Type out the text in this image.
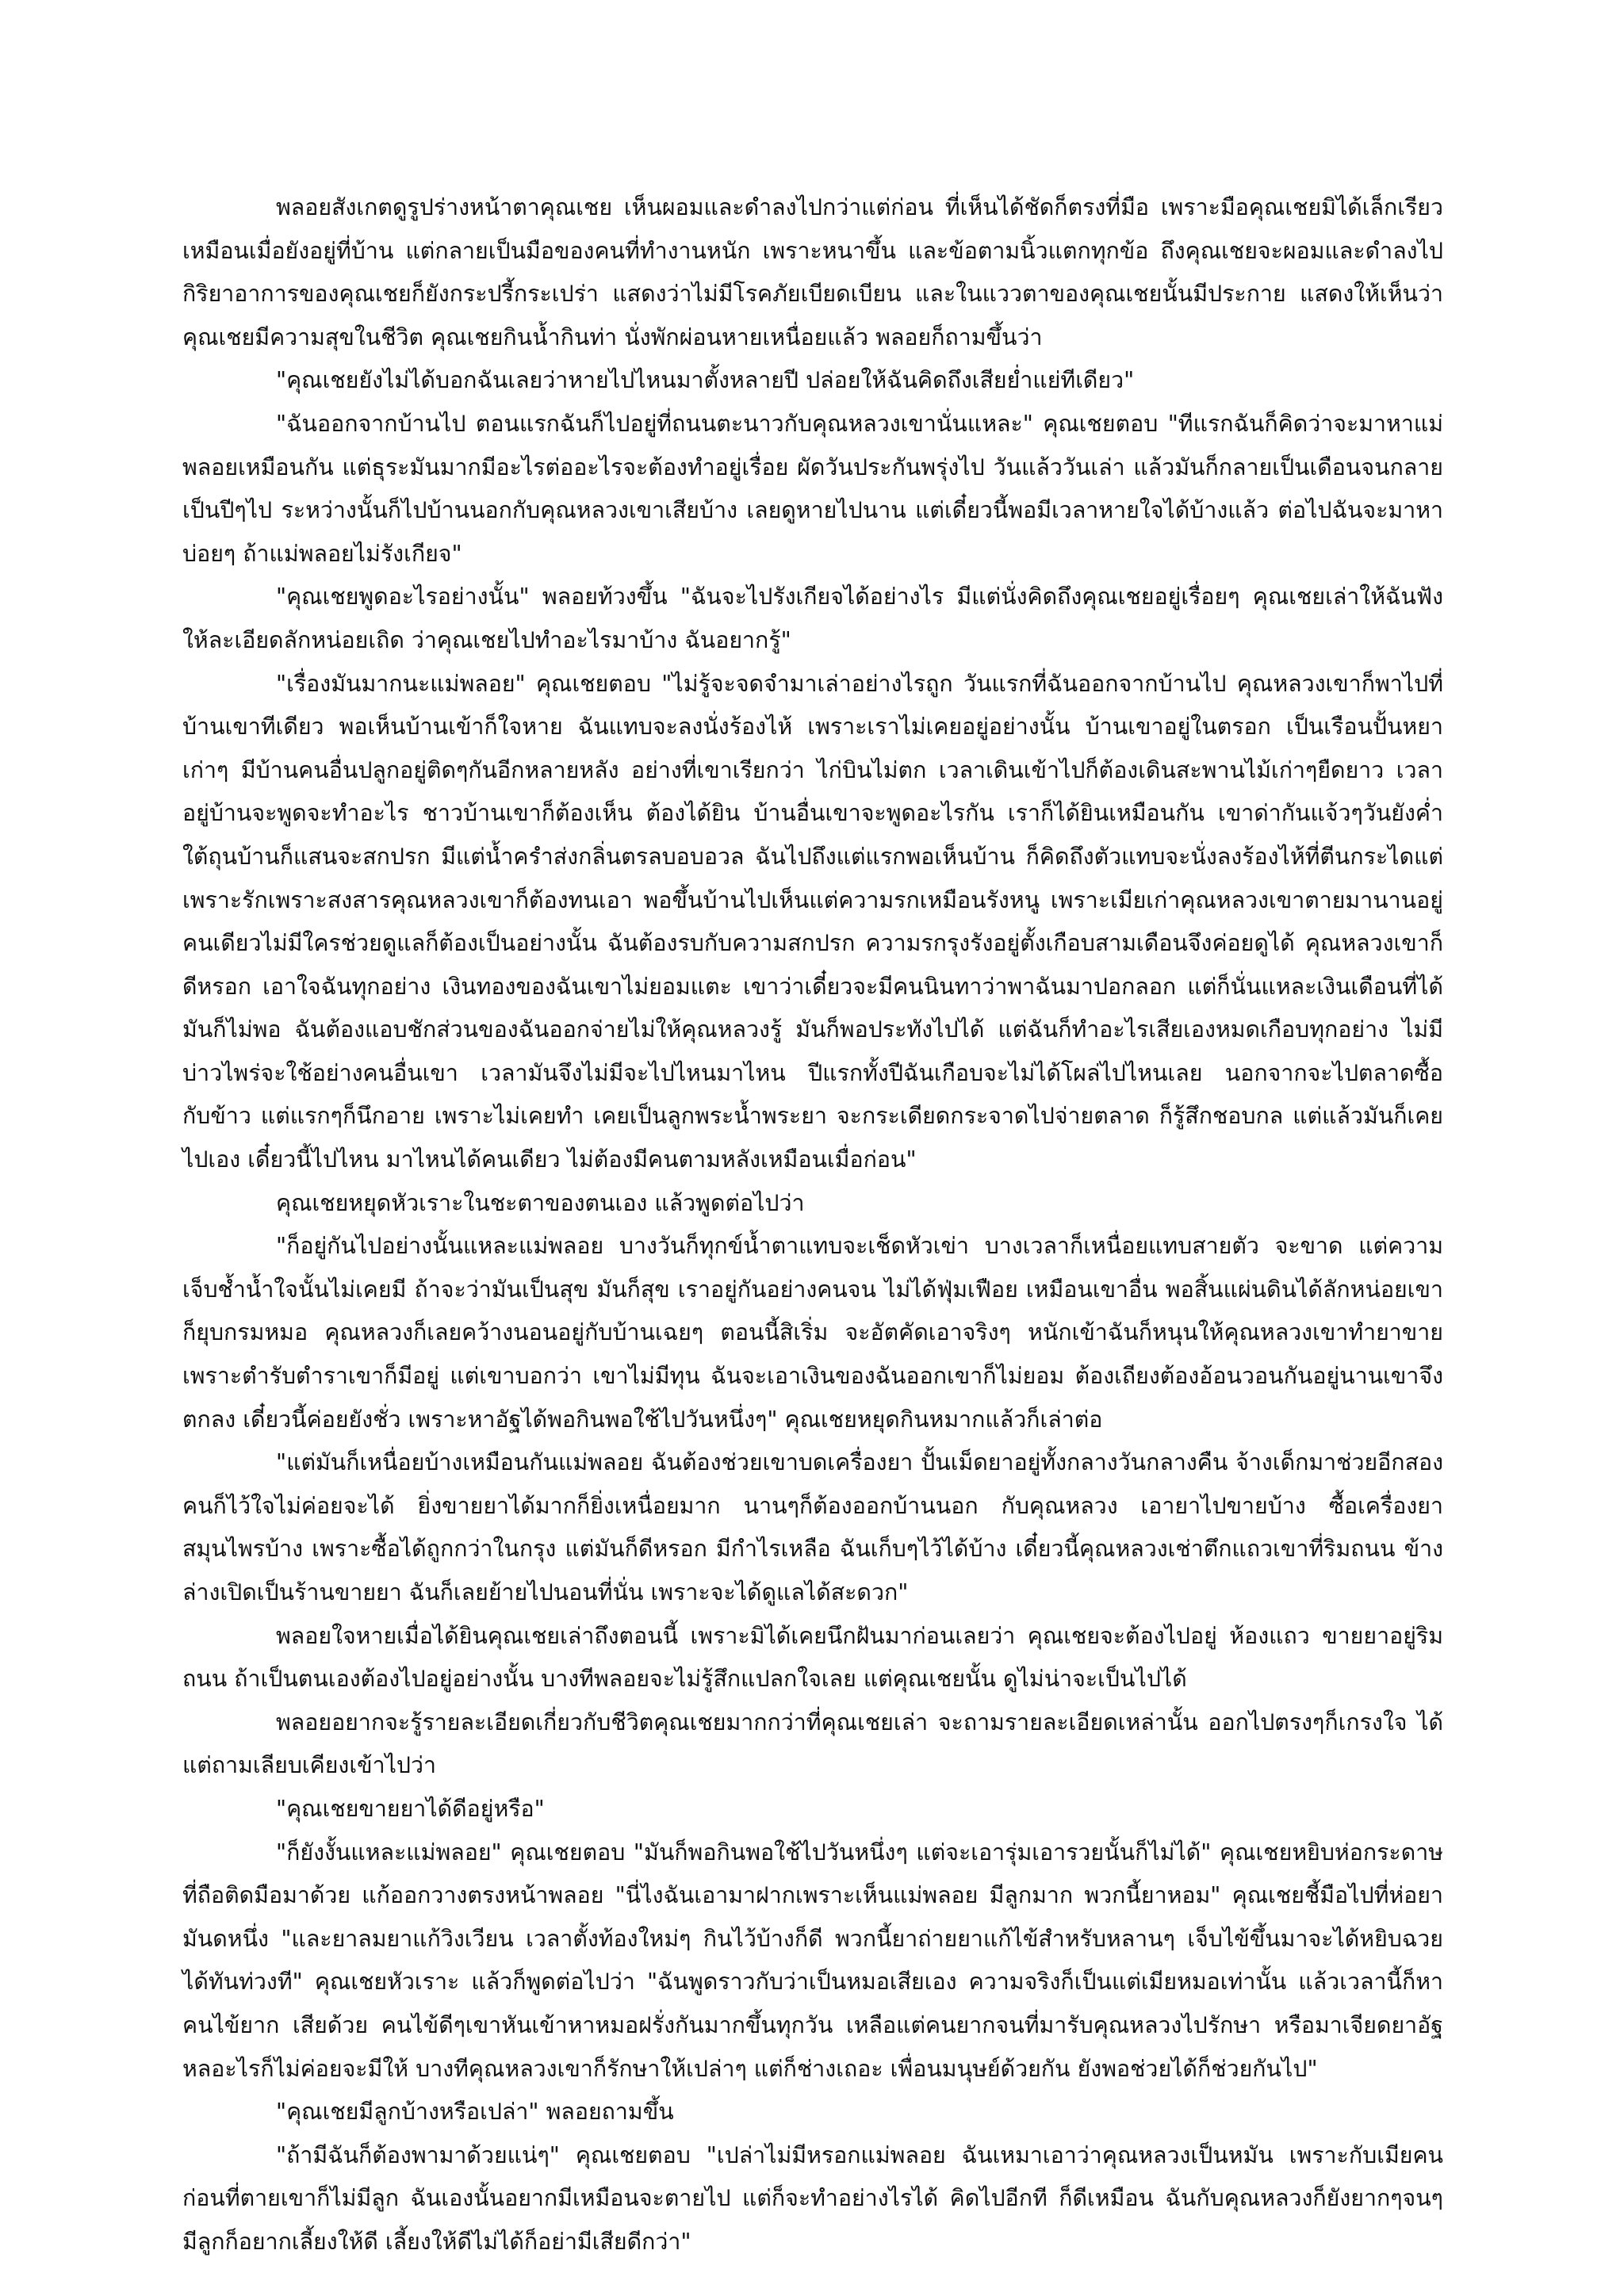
พลอยสังเกตดูรูปร่างหน้าตาคุณเชย เห็นผอมและดำลงไปกว่าแต่ก่อน ที่เห็นได้ชัดก็ตรงที่มือ เพราะมือคุณเชยมิได้เล็กเรียวเหมือนเมื่อยังอยู่ที่บ้าน แต่กลายเป็นมือของคนที่ทำงานหนัก เพราะหนาขึ้น และข้อตามนิ้วแตกทุกข้อ ถึงคุณเชยจะผอมและดำลงไป กิริยาอาการของคุณเชยก็ยังกระปรี้กระเปร่า แสดงว่าไม่มีโรคภัยเบียดเบียน และในแววตาของคุณเชยนั้นมีประกาย แสดงให้เห็นว่าคุณเชยมีความสุขในชีวิต คุณเชยกินน้ำกินท่า นั่งพักผ่อนหายเหนื่อยแล้ว พลอยก็ถามขึ้นว่า

"คุณเชยยังไม่ได้บอกฉันเลยว่าหายไปไหนมาตั้งหลายปี ปล่อยให้ฉันคิดถึงเสียย่ำแย่ทีเดียว"

"ฉันออกจากบ้านไป ตอนแรกฉันก็ไปอยู่ที่ถนนตะนาวกับคุณหลวงเขานั่นแหละ" คุณเชยตอบ "ทีแรกฉันก็คิดว่าจะมาหาแม่พลอยเหมือนกัน แต่ธุระมันมากมีอะไรต่ออะไรจะต้องทำอยู่เรื่อย ผัดวันประกันพรุ่งไป วันแล้ววันเล่า แล้วมันก็กลายเป็นเดือนจนกลายเป็นปีๆไป ระหว่างนั้นก็ไปบ้านนอกกับคุณหลวงเขาเสียบ้าง เลยดูหายไปนาน แต่เดี๋ยวนี้พอมีเวลาหายใจได้บ้างแล้ว ต่อไปฉันจะมาหาบ่อยๆ ถ้าแม่พลอยไม่รังเกียจ"

"คุณเชยพูดอะไรอย่างนั้น" พลอยท้วงขึ้น "ฉันจะไปรังเกียจได้อย่างไร มีแต่นั่งคิดถึงคุณเชยอยู่เรื่อยๆ คุณเชยเล่าให้ฉันฟังให้ละเอียดลักหน่อยเถิด ว่าคุณเชยไปทำอะไรมาบ้าง ฉันอยากรู้"

"เรื่องมันมากนะแม่พลอย" คุณเชยตอบ "ไม่รู้จะจดจำมาเล่าอย่างไรถูก วันแรกที่ฉันออกจากบ้านไป คุณหลวงเขาก็พาไปที่บ้านเขาทีเดียว พอเห็นบ้านเข้าก็ใจหาย ฉันแทบจะลงนั่งร้องไห้ เพราะเราไม่เคยอยู่อย่างนั้น บ้านเขาอยู่ในตรอก เป็นเรือนปั้นหยาเก่าๆ มีบ้านคนอื่นปลูกอยู่ติดๆกันอีกหลายหลัง อย่างที่เขาเรียกว่า ไก่บินไม่ตก เวลาเดินเข้าไปก็ต้องเดินสะพานไม้เก่าๆยืดยาว เวลาอยู่บ้านจะพูดจะทำอะไร ชาวบ้านเขาก็ต้องเห็น ต้องได้ยิน บ้านอื่นเขาจะพูดอะไรกัน เราก็ได้ยินเหมือนกัน เขาด่ากันแจ้วๆวันยังค่ำ ใต้ถุนบ้านก็แสนจะสกปรก มีแต่น้ำครำส่งกลิ่นตรลบอบอวล ฉันไปถึงแต่แรกพอเห็นบ้าน ก็คิดถึงตัวแทบจะนั่งลงร้องไห้ที่ตีนกระไดแต่เพราะรักเพราะสงสารคุณหลวงเขาก็ต้องทนเอา พอขึ้นบ้านไปเห็นแต่ความรกเหมือนรังหนู เพราะเมียเก่าคุณหลวงเขาตายมานานอยู่คนเดียวไม่มีใครช่วยดูแลก็ต้องเป็นอย่างนั้น ฉันต้องรบกับความสกปรก ความรกรุงรังอยู่ตั้งเกือบสามเดือนจึงค่อยดูได้ คุณหลวงเขาก็ดีหรอก เอาใจฉันทุกอย่าง เงินทองของฉันเขาไม่ยอมแตะ เขาว่าเดี๋ยวจะมีคนนินทาว่าพาฉันมาปอกลอก แต่ก็นั่นแหละเงินเดือนที่ได้ มันก็ไม่พอ ฉันต้องแอบชักส่วนของฉันออกจ่ายไม่ให้คุณหลวงรู้ มันก็พอประทังไปได้ แต่ฉันก็ทำอะไรเสียเองหมดเกือบทุกอย่าง ไม่มีบ่าวไพร่จะใช้อย่างคนอื่นเขา เวลามันจึงไม่มีจะไปไหนมาไหน ปีแรกทั้งปีฉันเกือบจะไม่ได้โผล่ไปไหนเลย นอกจากจะไปตลาดซื้อกับข้าว แต่แรกๆก็นึกอาย เพราะไม่เคยทำ เคยเป็นลูกพระน้ำพระยา จะกระเดียดกระจาดไปจ่ายตลาด ก็รู้สึกชอบกล แต่แล้วมันก็เคยไปเอง เดี๋ยวนี้ไปไหน มาไหนได้คนเดียว ไม่ต้องมีคนตามหลังเหมือนเมื่อก่อน"

คุณเชยหยุดหัวเราะในชะตาของตนเอง แล้วพูดต่อไปว่า

"ก็อยู่กันไปอย่างนั้นแหละแม่พลอย บางวันก็ทุกข์น้ำตาแทบจะเช็ดหัวเข่า บางเวลาก็เหนื่อยแทบสายตัว จะขาด แต่ความเจ็บช้ำน้ำใจนั้นไม่เคยมี ถ้าจะว่ามันเป็นสุข มันก็สุข เราอยู่กันอย่างคนจน ไม่ได้ฟุ่มเฟือย เหมือนเขาอื่น พอสิ้นแผ่นดินได้ลักหน่อยเขาก็ยุบกรมหมอ คุณหลวงก็เลยคว้างนอนอยู่กับบ้านเฉยๆ ตอนนี้สิเริ่ม จะอัตคัดเอาจริงๆ หนักเข้าฉันก็หนุนให้คุณหลวงเขาทำยาขาย เพราะตำรับตำราเขาก็มีอยู่ แต่เขาบอกว่า เขาไม่มีทุน ฉันจะเอาเงินของฉันออกเขาก็ไม่ยอม ต้องเถียงต้องอ้อนวอนกันอยู่นานเขาจึงตกลง เดี๋ยวนี้ค่อยยังชั่ว เพราะหาอัฐได้พอกินพอใช้ไปวันหนึ่งๆ" คุณเชยหยุดกินหมากแล้วก็เล่าต่อ

"แต่มันก็เหนื่อยบ้างเหมือนกันแม่พลอย ฉันต้องช่วยเขาบดเครื่องยา ปั้นเม็ดยาอยู่ทั้งกลางวันกลางคืน จ้างเด็กมาช่วยอีกสองคนก็ไว้ใจไม่ค่อยจะได้ ยิ่งขายยาได้มากก็ยิ่งเหนื่อยมาก นานๆก็ต้องออกบ้านนอก กับคุณหลวง เอายาไปขายบ้าง ซื้อเครื่องยาสมุนไพรบ้าง เพราะซื้อได้ถูกกว่าในกรุง แต่มันก็ดีหรอก มีกำไรเหลือ ฉันเก็บๆไว้ได้บ้าง เดี๋ยวนี้คุณหลวงเช่าตึกแถวเขาที่ริมถนน ข้างล่างเปิดเป็นร้านขายยา ฉันก็เลยย้ายไปนอนที่นั่น เพราะจะได้ดูแลได้สะดวก"

พลอยใจหายเมื่อได้ยินคุณเชยเล่าถึงตอนนี้ เพราะมิได้เคยนึกฝันมาก่อนเลยว่า คุณเชยจะต้องไปอยู่ ห้องแถว ขายยาอยู่ริมถนน ถ้าเป็นตนเองต้องไปอยู่อย่างนั้น บางทีพลอยจะไม่รู้สึกแปลกใจเลย แต่คุณเชยนั้น ดูไม่น่าจะเป็นไปได้

พลอยอยากจะรู้รายละเอียดเกี่ยวกับชีวิตคุณเชยมากกว่าที่คุณเชยเล่า จะถามรายละเอียดเหล่านั้น ออกไปตรงๆก็เกรงใจ ได้แต่ถามเลียบเคียงเข้าไปว่า

"คุณเชยขายยาได้ดีอยู่หรือ"

"ก็ยังงั้นแหละแม่พลอย" คุณเชยตอบ "มันก็พอกินพอใช้ไปวันหนึ่งๆ แต่จะเอารุ่มเอารวยนั้นก็ไม่ได้" คุณเชยหยิบห่อกระดาษที่ถือติดมือมาด้วย แก้ออกวางตรงหน้าพลอย "นี่ไงฉันเอามาฝากเพราะเห็นแม่พลอย มีลูกมาก พวกนี้ยาหอม" คุณเชยชี้มือไปที่ห่อยามันดหนึ่ง "และยาลมยาแก้วิงเวียน เวลาตั้งท้องใหม่ๆ กินไว้บ้างก็ดี พวกนี้ยาถ่ายยาแก้ไข้สำหรับหลานๆ เจ็บไข้ขึ้นมาจะได้หยิบฉวยได้ทันท่วงที" คุณเชยหัวเราะ แล้วก็พูดต่อไปว่า "ฉันพูดราวกับว่าเป็นหมอเสียเอง ความจริงก็เป็นแต่เมียหมอเท่านั้น แล้วเวลานี้ก็หาคนไข้ยาก เสียด้วย คนไข้ดีๆเขาหันเข้าหาหมอฝรั่งกันมากขึ้นทุกวัน เหลือแต่คนยากจนที่มารับคุณหลวงไปรักษา หรือมาเจียดยาอัฐหลอะไรก็ไม่ค่อยจะมีให้ บางทีคุณหลวงเขาก็รักษาให้เปล่าๆ แต่ก็ช่างเถอะ เพื่อนมนุษย์ด้วยกัน ยังพอช่วยได้ก็ช่วยกันไป"

"คุณเชยมีลูกบ้างหรือเปล่า" พลอยถามขึ้น

"ถ้ามีฉันก็ต้องพามาด้วยแน่ๆ" คุณเชยตอบ "เปล่าไม่มีหรอกแม่พลอย ฉันเหมาเอาว่าคุณหลวงเป็นหมัน เพราะกับเมียคนก่อนที่ตายเขาก็ไม่มีลูก ฉันเองนั้นอยากมีเหมือนจะตายไป แต่ก็จะทำอย่างไรได้ คิดไปอีกที ก็ดีเหมือน ฉันกับคุณหลวงก็ยังยากๆจนๆ มีลูกก็อยากเลี้ยงให้ดี เลี้ยงให้ดีไม่ได้ก็อย่ามีเสียดีกว่า"
